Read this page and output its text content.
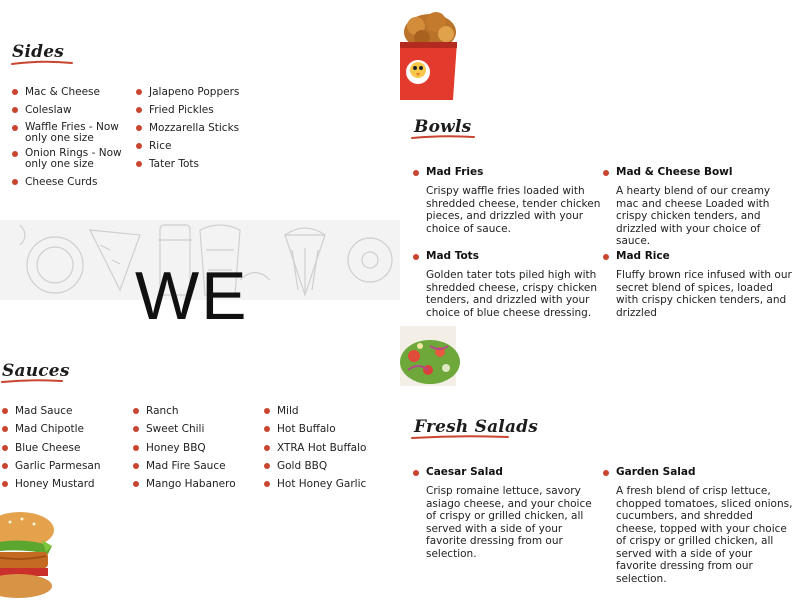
Sides
Mac & Cheese
Coleslaw
Waffle Fries - Now only one size
Onion Rings - Now only one size
Cheese Curds
Jalapeno Poppers
Fried Pickles
Mozzarella Sticks
Rice
Tater Tots
WE
Bowls
Mad Fries
Crispy waffle fries loaded with shredded cheese, tender chicken pieces, and drizzled with your choice of sauce.
Mad & Cheese Bowl
A hearty blend of our creamy mac and cheese Loaded with crispy chicken tenders, and drizzled with your choice of sauce.
Mad Tots
Golden tater tots piled high with shredded cheese, crispy chicken tenders, and drizzled with your choice of blue cheese dressing.
Mad Rice
Fluffy brown rice infused with our secret blend of spices, loaded with crispy chicken tenders, and drizzled
Sauces
Mad Sauce
Mad Chipotle
Blue Cheese
Garlic Parmesan
Honey Mustard
Ranch
Sweet Chili
Honey BBQ
Mad Fire Sauce
Mango Habanero
Mild
Hot Buffalo
XTRA Hot Buffalo
Gold BBQ
Hot Honey Garlic
Fresh Salads
Caesar Salad
Crisp romaine lettuce, savory asiago cheese, and your choice of crispy or grilled chicken, all served with a side of your favorite dressing from our selection.
Garden Salad
A fresh blend of crisp lettuce, chopped tomatoes, sliced onions, cucumbers, and shredded cheese, topped with your choice of crispy or grilled chicken, all served with a side of your favorite dressing from our selection.
